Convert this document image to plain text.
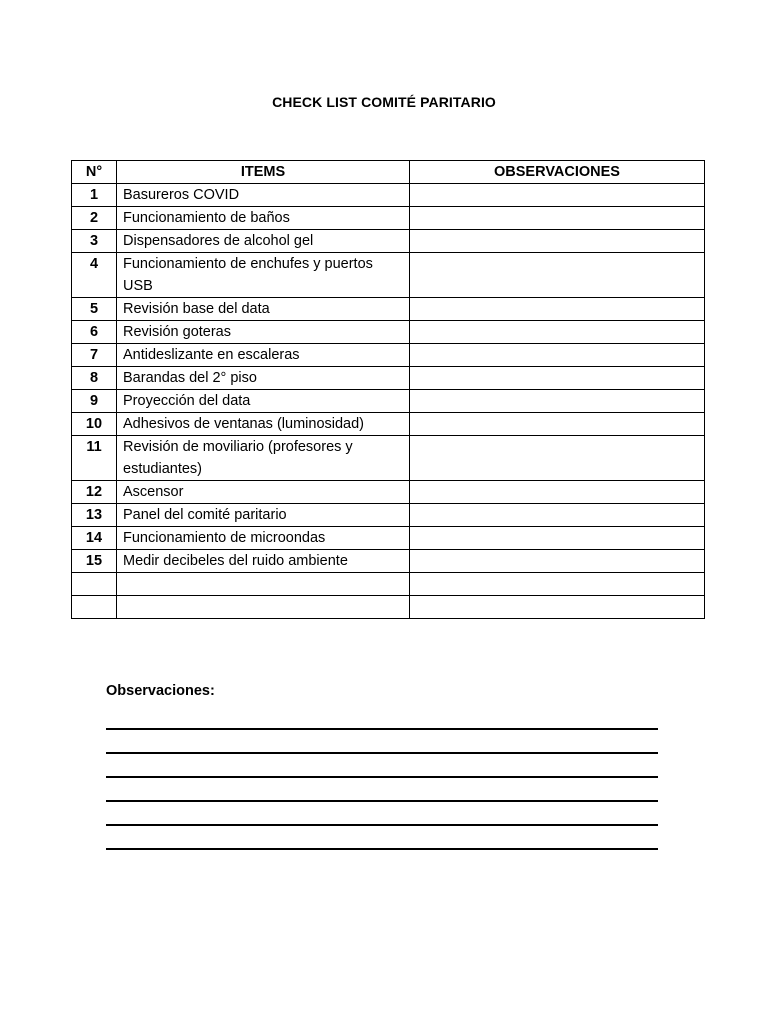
CHECK LIST COMITÉ PARITARIO
N°	ITEMS	OBSERVACIONES
1	Basureros COVID	
2	Funcionamiento de baños	
3	Dispensadores de alcohol gel	
4	Funcionamiento de enchufes y puertos USB	
5	Revisión base del data	
6	Revisión goteras	
7	Antideslizante en escaleras	
8	Barandas del 2° piso	
9	Proyección del data	
10	Adhesivos de ventanas (luminosidad)	
11	Revisión de moviliario (profesores y estudiantes)	
12	Ascensor	
13	Panel del comité paritario	
14	Funcionamiento de microondas	
15	Medir decibeles del ruido ambiente	

Observaciones:
